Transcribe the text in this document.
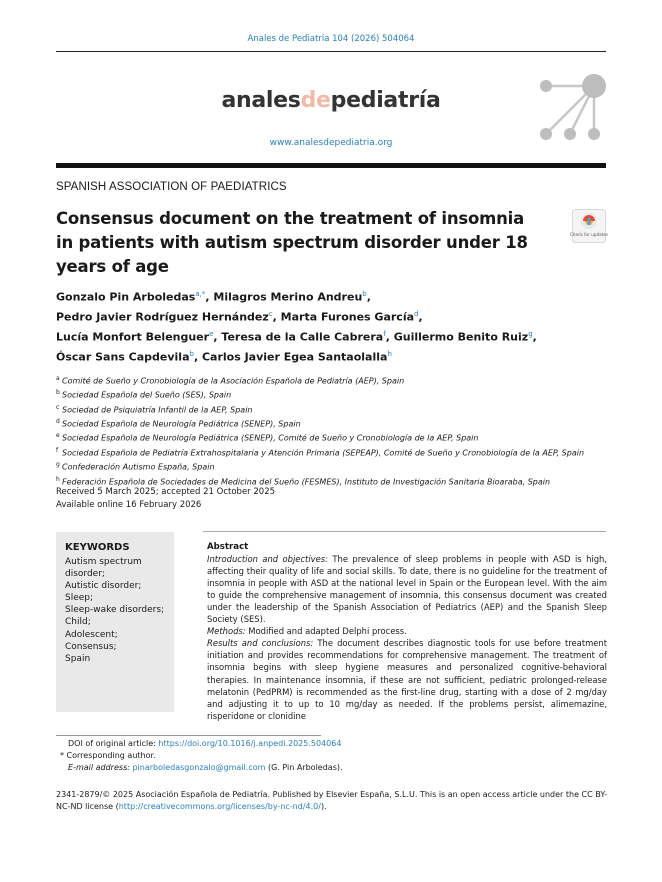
Anales de Pediatría 104 (2026) 504064
analesdepediatría
www.analesdepediatria.org
SPANISH ASSOCIATION OF PAEDIATRICS
Consensus document on the treatment of insomnia in patients with autism spectrum disorder under 18 years of age
Check for updates
Gonzalo Pin Arboledas$^{a,*}$, Milagros Merino Andreu$^b$,
Pedro Javier Rodríguez Hernández$^c$, Marta Furones García$^d$,
Lucía Monfort Belenguer$^e$, Teresa de la Calle Cabrera$^f$, Guillermo Benito Ruiz$^g$,
Óscar Sans Capdevila$^b$, Carlos Javier Egea Santaolalla$^h$
a Comité de Sueño y Cronobiología de la Asociación Española de Pediatría (AEP), Spain
b Sociedad Española del Sueño (SES), Spain
c Sociedad de Psiquiatría Infantil de la AEP, Spain
d Sociedad Española de Neurología Pediátrica (SENEP), Spain
e Sociedad Española de Neurología Pediátrica (SENEP), Comité de Sueño y Cronobiología de la AEP, Spain
f Sociedad Española de Pediatría Extrahospitalaria y Atención Primaria (SEPEAP), Comité de Sueño y Cronobiología de la AEP, Spain
g Confederación Autismo España, Spain
h Federación Española de Sociedades de Medicina del Sueño (FESMES), Instituto de Investigación Sanitaria Bioaraba, Spain
Received 5 March 2025; accepted 21 October 2025
Available online 16 February 2026
KEYWORDS
Autism spectrum
disorder;
Autistic disorder;
Sleep;
Sleep-wake disorders;
Child;
Adolescent;
Consensus;
Spain
Abstract
Introduction and objectives: The prevalence of sleep problems in people with ASD is high, affecting their quality of life and social skills. To date, there is no guideline for the treatment of insomnia in people with ASD at the national level in Spain or the European level. With the aim to guide the comprehensive management of insomnia, this consensus document was created under the leadership of the Spanish Association of Pediatrics (AEP) and the Spanish Sleep Society (SES).
Methods: Modified and adapted Delphi process.
Results and conclusions: The document describes diagnostic tools for use before treatment initiation and provides recommendations for comprehensive management. The treatment of insomnia begins with sleep hygiene measures and personalized cognitive-behavioral therapies. In maintenance insomnia, if these are not sufficient, pediatric prolonged-release melatonin (PedPRM) is recommended as the first-line drug, starting with a dose of 2 mg/day and adjusting it to up to 10 mg/day as needed. If the problems persist, alimemazine, risperidone or clonidine
DOI of original article: https://doi.org/10.1016/j.anpedi.2025.504064
* Corresponding author.
E-mail address: pinarboledasgonzalo@gmail.com (G. Pin Arboledas).
2341-2879/© 2025 Asociación Española de Pediatría. Published by Elsevier España, S.L.U. This is an open access article under the CC BY-NC-ND license (http://creativecommons.org/licenses/by-nc-nd/4.0/).
